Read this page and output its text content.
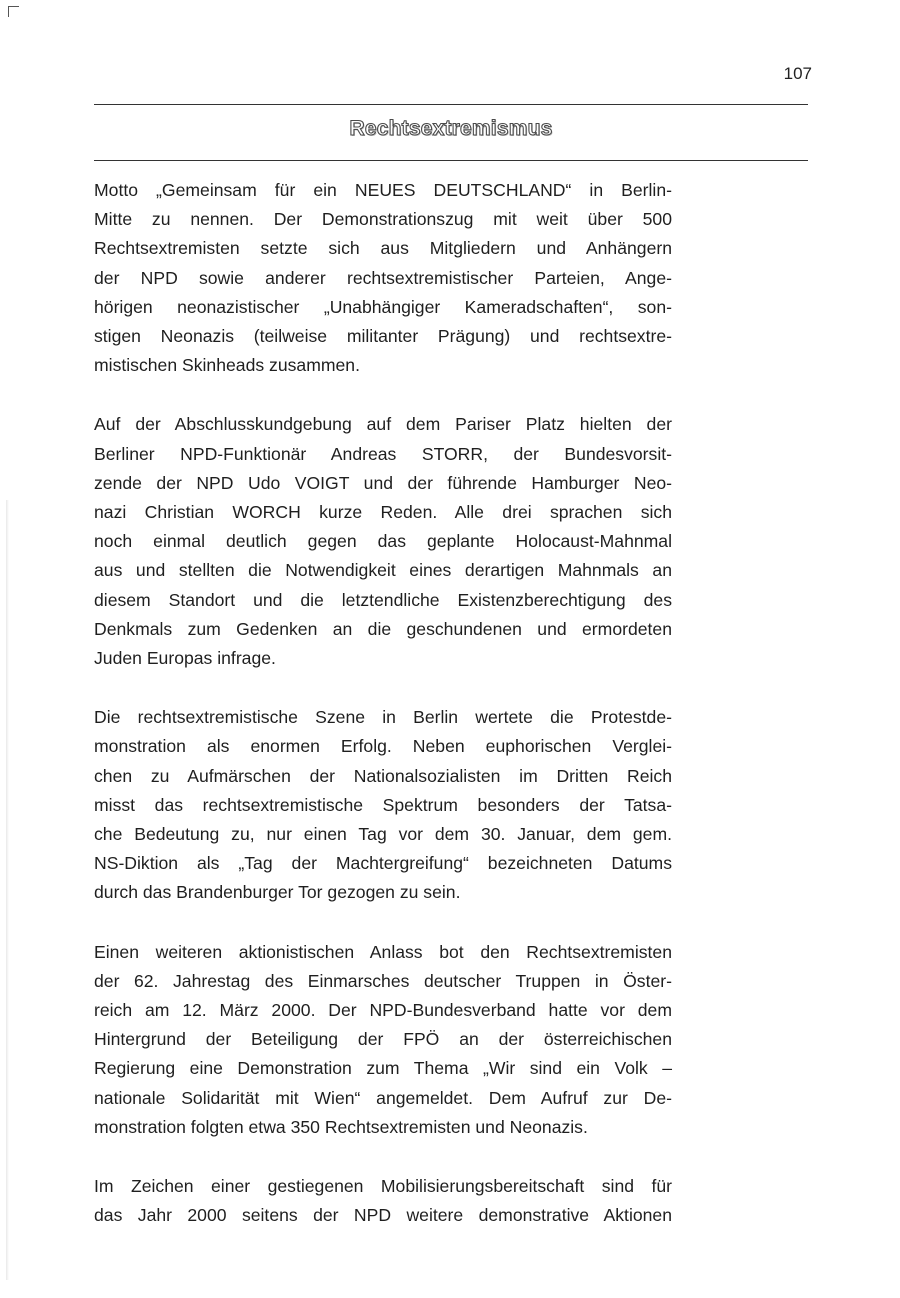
107
Rechtsextremismus

Motto „Gemeinsam für ein NEUES DEUTSCHLAND“ in Berlin-
Mitte zu nennen. Der Demonstrationszug mit weit über 500
Rechtsextremisten setzte sich aus Mitgliedern und Anhängern
der NPD sowie anderer rechtsextremistischer Parteien, Ange-
hörigen neonazistischer „Unabhängiger Kameradschaften“, son-
stigen Neonazis (teilweise militanter Prägung) und rechtsextre-
mistischen Skinheads zusammen.

Auf der Abschlusskundgebung auf dem Pariser Platz hielten der
Berliner NPD-Funktionär Andreas STORR, der Bundesvorsit-
zende der NPD Udo VOIGT und der führende Hamburger Neo-
nazi Christian WORCH kurze Reden. Alle drei sprachen sich
noch einmal deutlich gegen das geplante Holocaust-Mahnmal
aus und stellten die Notwendigkeit eines derartigen Mahnmals an
diesem Standort und die letztendliche Existenzberechtigung des
Denkmals zum Gedenken an die geschundenen und ermordeten
Juden Europas infrage.

Die rechtsextremistische Szene in Berlin wertete die Protestde-
monstration als enormen Erfolg. Neben euphorischen Verglei-
chen zu Aufmärschen der Nationalsozialisten im Dritten Reich
misst das rechtsextremistische Spektrum besonders der Tatsa-
che Bedeutung zu, nur einen Tag vor dem 30. Januar, dem gem.
NS-Diktion als „Tag der Machtergreifung“ bezeichneten Datums
durch das Brandenburger Tor gezogen zu sein.

Einen weiteren aktionistischen Anlass bot den Rechtsextremisten
der 62. Jahrestag des Einmarsches deutscher Truppen in Öster-
reich am 12. März 2000. Der NPD-Bundesverband hatte vor dem
Hintergrund der Beteiligung der FPÖ an der österreichischen
Regierung eine Demonstration zum Thema „Wir sind ein Volk –
nationale Solidarität mit Wien“ angemeldet. Dem Aufruf zur De-
monstration folgten etwa 350 Rechtsextremisten und Neonazis.

Im Zeichen einer gestiegenen Mobilisierungsbereitschaft sind für
das Jahr 2000 seitens der NPD weitere demonstrative Aktionen
